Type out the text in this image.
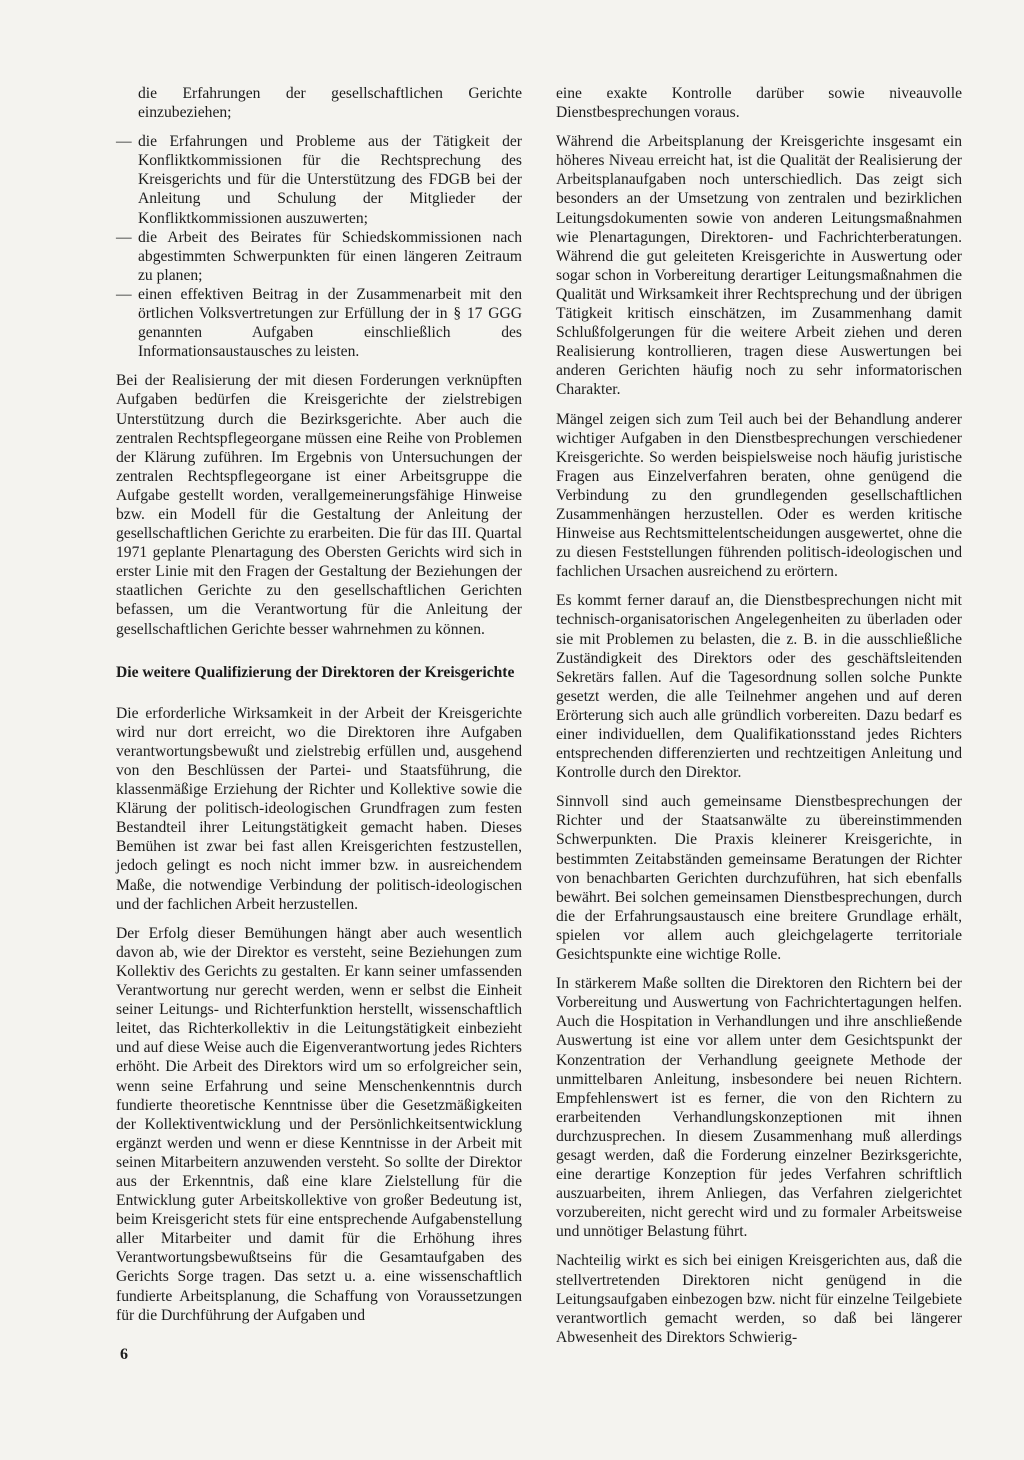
die Erfahrungen der gesellschaftlichen Gerichte einzubeziehen;

— die Erfahrungen und Probleme aus der Tätigkeit der Konfliktkommissionen für die Rechtsprechung des Kreisgerichts und für die Unterstützung des FDGB bei der Anleitung und Schulung der Mitglieder der Konfliktkommissionen auszuwerten;
— die Arbeit des Beirates für Schiedskommissionen nach abgestimmten Schwerpunkten für einen längeren Zeitraum zu planen;
— einen effektiven Beitrag in der Zusammenarbeit mit den örtlichen Volksvertretungen zur Erfüllung der in § 17 GGG genannten Aufgaben einschließlich des Informationsaustausches zu leisten.

Bei der Realisierung der mit diesen Forderungen verknüpften Aufgaben bedürfen die Kreisgerichte der zielstrebigen Unterstützung durch die Bezirksgerichte. Aber auch die zentralen Rechtspflegeorgane müssen eine Reihe von Problemen der Klärung zuführen. Im Ergebnis von Untersuchungen der zentralen Rechtspflegeorgane ist einer Arbeitsgruppe die Aufgabe gestellt worden, verallgemeinerungsfähige Hinweise bzw. ein Modell für die Gestaltung der Anleitung der gesellschaftlichen Gerichte zu erarbeiten. Die für das III. Quartal 1971 geplante Plenartagung des Obersten Gerichts wird sich in erster Linie mit den Fragen der Gestaltung der Beziehungen der staatlichen Gerichte zu den gesellschaftlichen Gerichten befassen, um die Verantwortung für die Anleitung der gesellschaftlichen Gerichte besser wahrnehmen zu können.

Die weitere Qualifizierung der Direktoren der Kreisgerichte

Die erforderliche Wirksamkeit in der Arbeit der Kreisgerichte wird nur dort erreicht, wo die Direktoren ihre Aufgaben verantwortungsbewußt und zielstrebig erfüllen und, ausgehend von den Beschlüssen der Partei- und Staatsführung, die klassenmäßige Erziehung der Richter und Kollektive sowie die Klärung der politisch-ideologischen Grundfragen zum festen Bestandteil ihrer Leitungstätigkeit gemacht haben. Dieses Bemühen ist zwar bei fast allen Kreisgerichten festzustellen, jedoch gelingt es noch nicht immer bzw. in ausreichendem Maße, die notwendige Verbindung der politisch-ideologischen und der fachlichen Arbeit herzustellen.

Der Erfolg dieser Bemühungen hängt aber auch wesentlich davon ab, wie der Direktor es versteht, seine Beziehungen zum Kollektiv des Gerichts zu gestalten. Er kann seiner umfassenden Verantwortung nur gerecht werden, wenn er selbst die Einheit seiner Leitungs- und Richterfunktion herstellt, wissenschaftlich leitet, das Richterkollektiv in die Leitungstätigkeit einbezieht und auf diese Weise auch die Eigenverantwortung jedes Richters erhöht. Die Arbeit des Direktors wird um so erfolgreicher sein, wenn seine Erfahrung und seine Menschenkenntnis durch fundierte theoretische Kenntnisse über die Gesetzmäßigkeiten der Kollektiventwicklung und der Persönlichkeitsentwicklung ergänzt werden und wenn er diese Kenntnisse in der Arbeit mit seinen Mitarbeitern anzuwenden versteht. So sollte der Direktor aus der Erkenntnis, daß eine klare Zielstellung für die Entwicklung guter Arbeitskollektive von großer Bedeutung ist, beim Kreisgericht stets für eine entsprechende Aufgabenstellung aller Mitarbeiter und damit für die Erhöhung ihres Verantwortungsbewußtseins für die Gesamtaufgaben des Gerichts Sorge tragen. Das setzt u. a. eine wissenschaftlich fundierte Arbeitsplanung, die Schaffung von Voraussetzungen für die Durchführung der Aufgaben und

eine exakte Kontrolle darüber sowie niveauvolle Dienstbesprechungen voraus.

Während die Arbeitsplanung der Kreisgerichte insgesamt ein höheres Niveau erreicht hat, ist die Qualität der Realisierung der Arbeitsplanaufgaben noch unterschiedlich. Das zeigt sich besonders an der Umsetzung von zentralen und bezirklichen Leitungsdokumenten sowie von anderen Leitungsmaßnahmen wie Plenartagungen, Direktoren- und Fachrichterberatungen. Während die gut geleiteten Kreisgerichte in Auswertung oder sogar schon in Vorbereitung derartiger Leitungsmaßnahmen die Qualität und Wirksamkeit ihrer Rechtsprechung und der übrigen Tätigkeit kritisch einschätzen, im Zusammenhang damit Schlußfolgerungen für die weitere Arbeit ziehen und deren Realisierung kontrollieren, tragen diese Auswertungen bei anderen Gerichten häufig noch zu sehr informatorischen Charakter.

Mängel zeigen sich zum Teil auch bei der Behandlung anderer wichtiger Aufgaben in den Dienstbesprechungen verschiedener Kreisgerichte. So werden beispielsweise noch häufig juristische Fragen aus Einzelverfahren beraten, ohne genügend die Verbindung zu den grundlegenden gesellschaftlichen Zusammenhängen herzustellen. Oder es werden kritische Hinweise aus Rechtsmittelentscheidungen ausgewertet, ohne die zu diesen Feststellungen führenden politisch-ideologischen und fachlichen Ursachen ausreichend zu erörtern.

Es kommt ferner darauf an, die Dienstbesprechungen nicht mit technisch-organisatorischen Angelegenheiten zu überladen oder sie mit Problemen zu belasten, die z. B. in die ausschließliche Zuständigkeit des Direktors oder des geschäftsleitenden Sekretärs fallen. Auf die Tagesordnung sollen solche Punkte gesetzt werden, die alle Teilnehmer angehen und auf deren Erörterung sich auch alle gründlich vorbereiten. Dazu bedarf es einer individuellen, dem Qualifikationsstand jedes Richters entsprechenden differenzierten und rechtzeitigen Anleitung und Kontrolle durch den Direktor.

Sinnvoll sind auch gemeinsame Dienstbesprechungen der Richter und der Staatsanwälte zu übereinstimmenden Schwerpunkten. Die Praxis kleinerer Kreisgerichte, in bestimmten Zeitabständen gemeinsame Beratungen der Richter von benachbarten Gerichten durchzuführen, hat sich ebenfalls bewährt. Bei solchen gemeinsamen Dienstbesprechungen, durch die der Erfahrungsaustausch eine breitere Grundlage erhält, spielen vor allem auch gleichgelagerte territoriale Gesichtspunkte eine wichtige Rolle.

In stärkerem Maße sollten die Direktoren den Richtern bei der Vorbereitung und Auswertung von Fachrichtertagungen helfen. Auch die Hospitation in Verhandlungen und ihre anschließende Auswertung ist eine vor allem unter dem Gesichtspunkt der Konzentration der Verhandlung geeignete Methode der unmittelbaren Anleitung, insbesondere bei neuen Richtern. Empfehlenswert ist es ferner, die von den Richtern zu erarbeitenden Verhandlungskonzeptionen mit ihnen durchzusprechen. In diesem Zusammenhang muß allerdings gesagt werden, daß die Forderung einzelner Bezirksgerichte, eine derartige Konzeption für jedes Verfahren schriftlich auszuarbeiten, ihrem Anliegen, das Verfahren zielgerichtet vorzubereiten, nicht gerecht wird und zu formaler Arbeitsweise und unnötiger Belastung führt.

Nachteilig wirkt es sich bei einigen Kreisgerichten aus, daß die stellvertretenden Direktoren nicht genügend in die Leitungsaufgaben einbezogen bzw. nicht für einzelne Teilgebiete verantwortlich gemacht werden, so daß bei längerer Abwesenheit des Direktors Schwierig-

6
